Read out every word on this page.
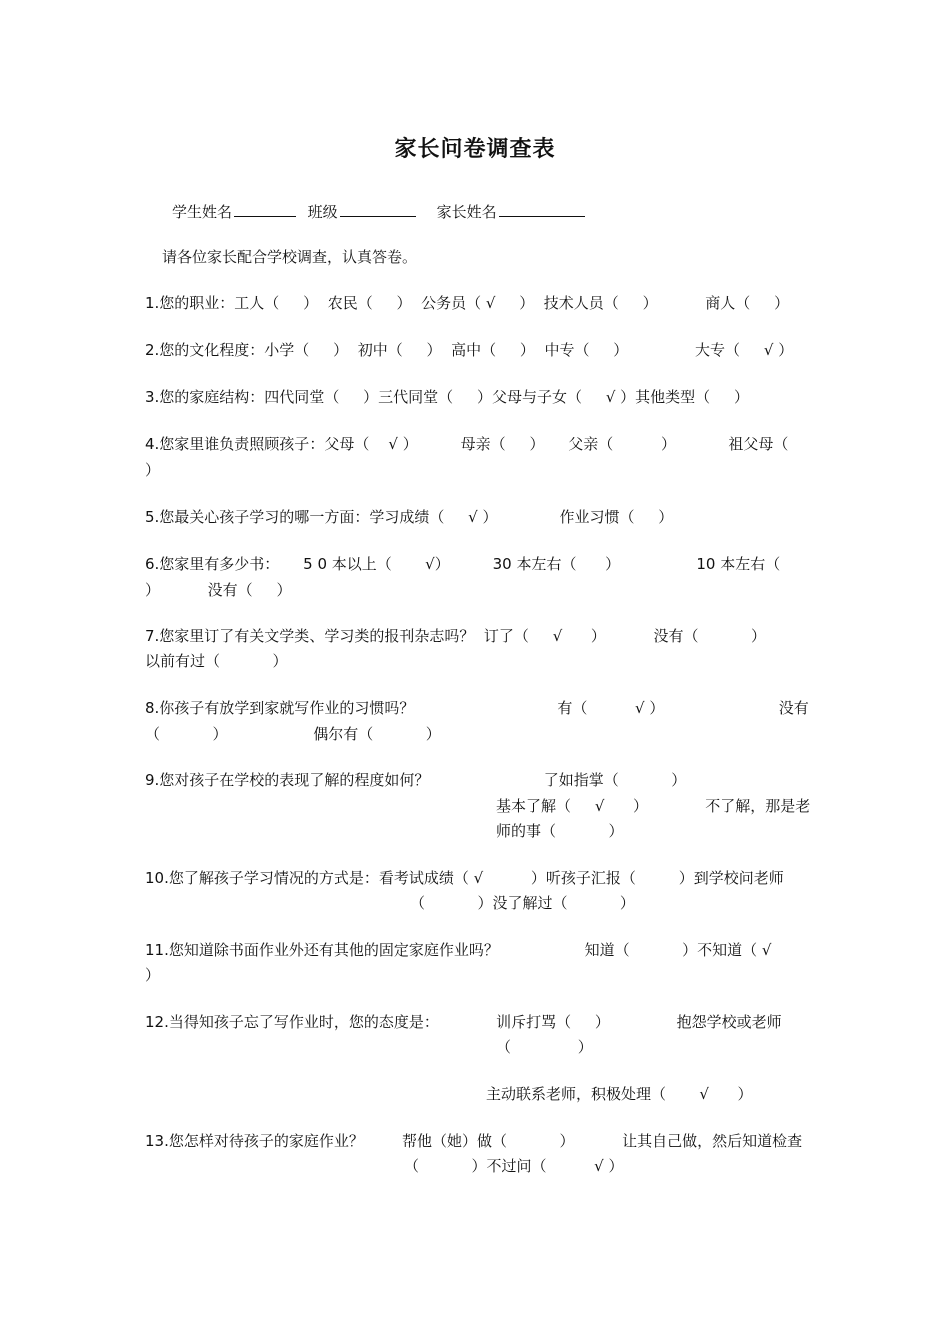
家长问卷调查表
学生姓名	班级	家长姓名
请各位家长配合学校调查，认真答卷。
1.您的职业：工人（     ）  农民（     ）  公务员（ √     ）  技术人员（     ）          商人（     ）
2.您的文化程度：小学（     ）  初中（     ）  高中（     ）  中专（     ）              大专（     √ ）
3.您的家庭结构：四代同堂（     ）三代同堂（     ）父母与子女（     √ ）其他类型（     ）
4.您家里谁负责照顾孩子：父母（    √ ）         母亲（     ）     父亲（          ）           祖父母（
）
5.您最关心孩子学习的哪一方面：学习成绩（     √ ）             作业习惯（     ）
6.您家里有多少书：     5 0 本以上（       √）         30 本左右（      ）                10 本左右（
）          没有（     ）
7.您家里订了有关文学类、学习类的报刊杂志吗？  订了（     √      ）          没有（           ）
以前有过（           ）
8.你孩子有放学到家就写作业的习惯吗？                              有（          √ ）                        没有
（           ）                  偶尔有（           ）
9.您对孩子在学校的表现了解的程度如何？                        了如指掌（           ）
基本了解（     √      ）            不了解，那是老
师的事（           ）
10.您了解孩子学习情况的方式是：看考试成绩（ √          ）听孩子汇报（         ）到学校问老师
（           ）没了解过（           ）
11.您知道除书面作业外还有其他的固定家庭作业吗？                  知道（           ）不知道（ √
）
12.当得知孩子忘了写作业时，您的态度是：            训斥打骂（     ）              抱怨学校或老师
（              ）
主动联系老师，积极处理（       √      ）
13.您怎样对待孩子的家庭作业？        帮他（她）做（           ）          让其自己做，然后知道检查
（           ）不过问（          √ ）
